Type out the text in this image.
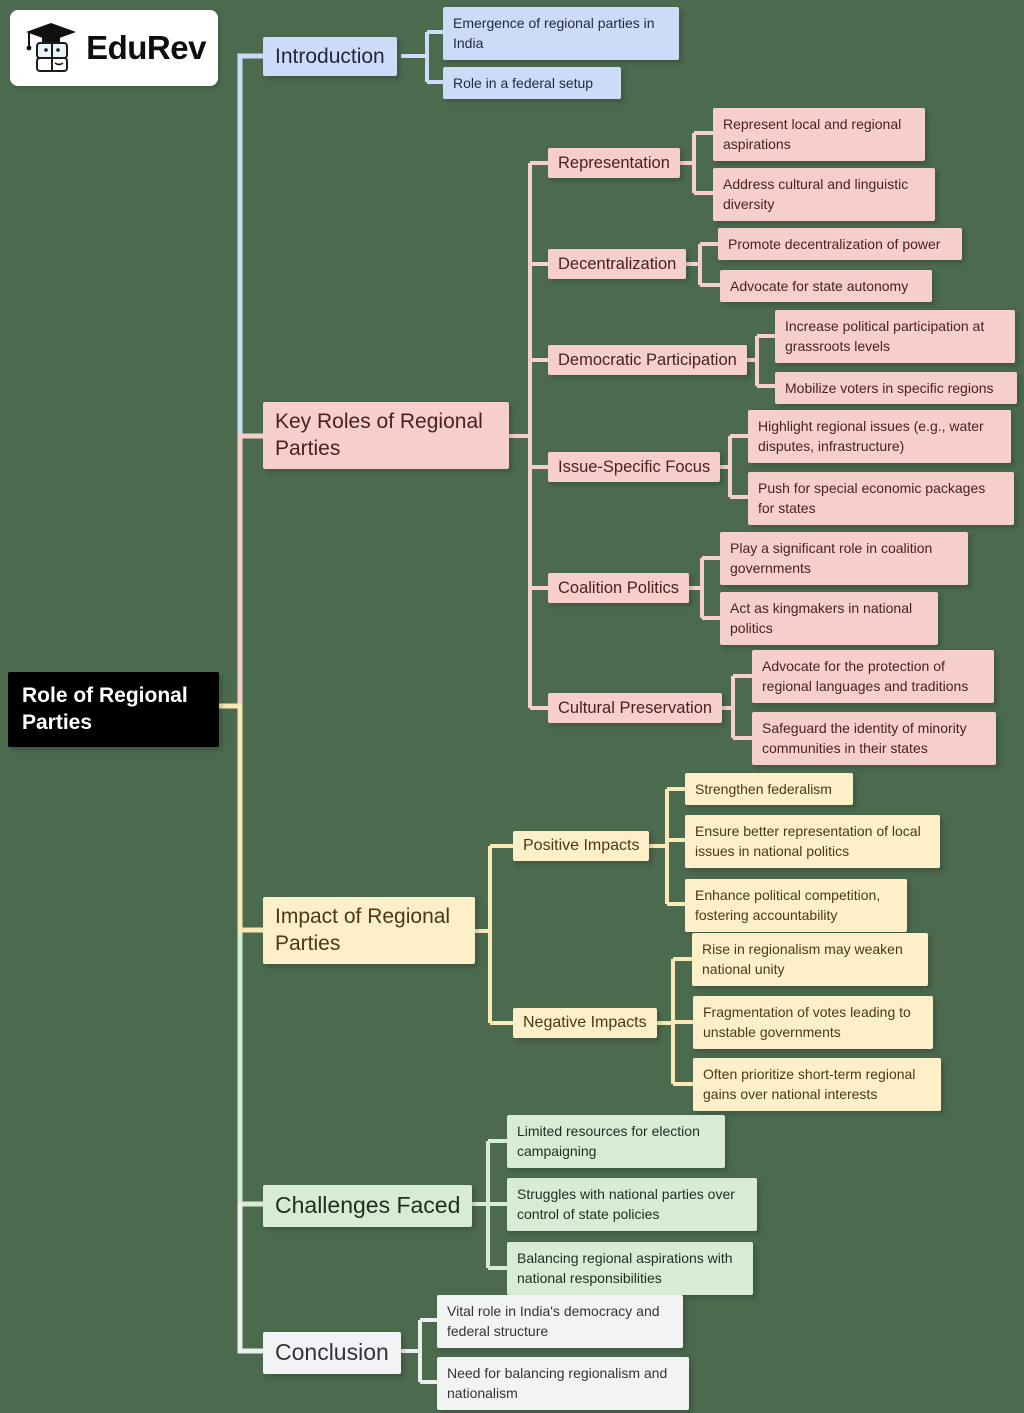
EduRev
Role of Regional Parties
Introduction
Emergence of regional parties in India
Role in a federal setup
Key Roles of Regional Parties
Representation
Represent local and regional aspirations
Address cultural and linguistic diversity
Decentralization
Promote decentralization of power
Advocate for state autonomy
Democratic Participation
Increase political participation at grassroots levels
Mobilize voters in specific regions
Issue-Specific Focus
Highlight regional issues (e.g., water disputes, infrastructure)
Push for special economic packages for states
Coalition Politics
Play a significant role in coalition governments
Act as kingmakers in national politics
Cultural Preservation
Advocate for the protection of regional languages and traditions
Safeguard the identity of minority communities in their states
Impact of Regional Parties
Positive Impacts
Strengthen federalism
Ensure better representation of local issues in national politics
Enhance political competition, fostering accountability
Negative Impacts
Rise in regionalism may weaken national unity
Fragmentation of votes leading to unstable governments
Often prioritize short-term regional gains over national interests
Challenges Faced
Limited resources for election campaigning
Struggles with national parties over control of state policies
Balancing regional aspirations with national responsibilities
Conclusion
Vital role in India's democracy and federal structure
Need for balancing regionalism and nationalism
